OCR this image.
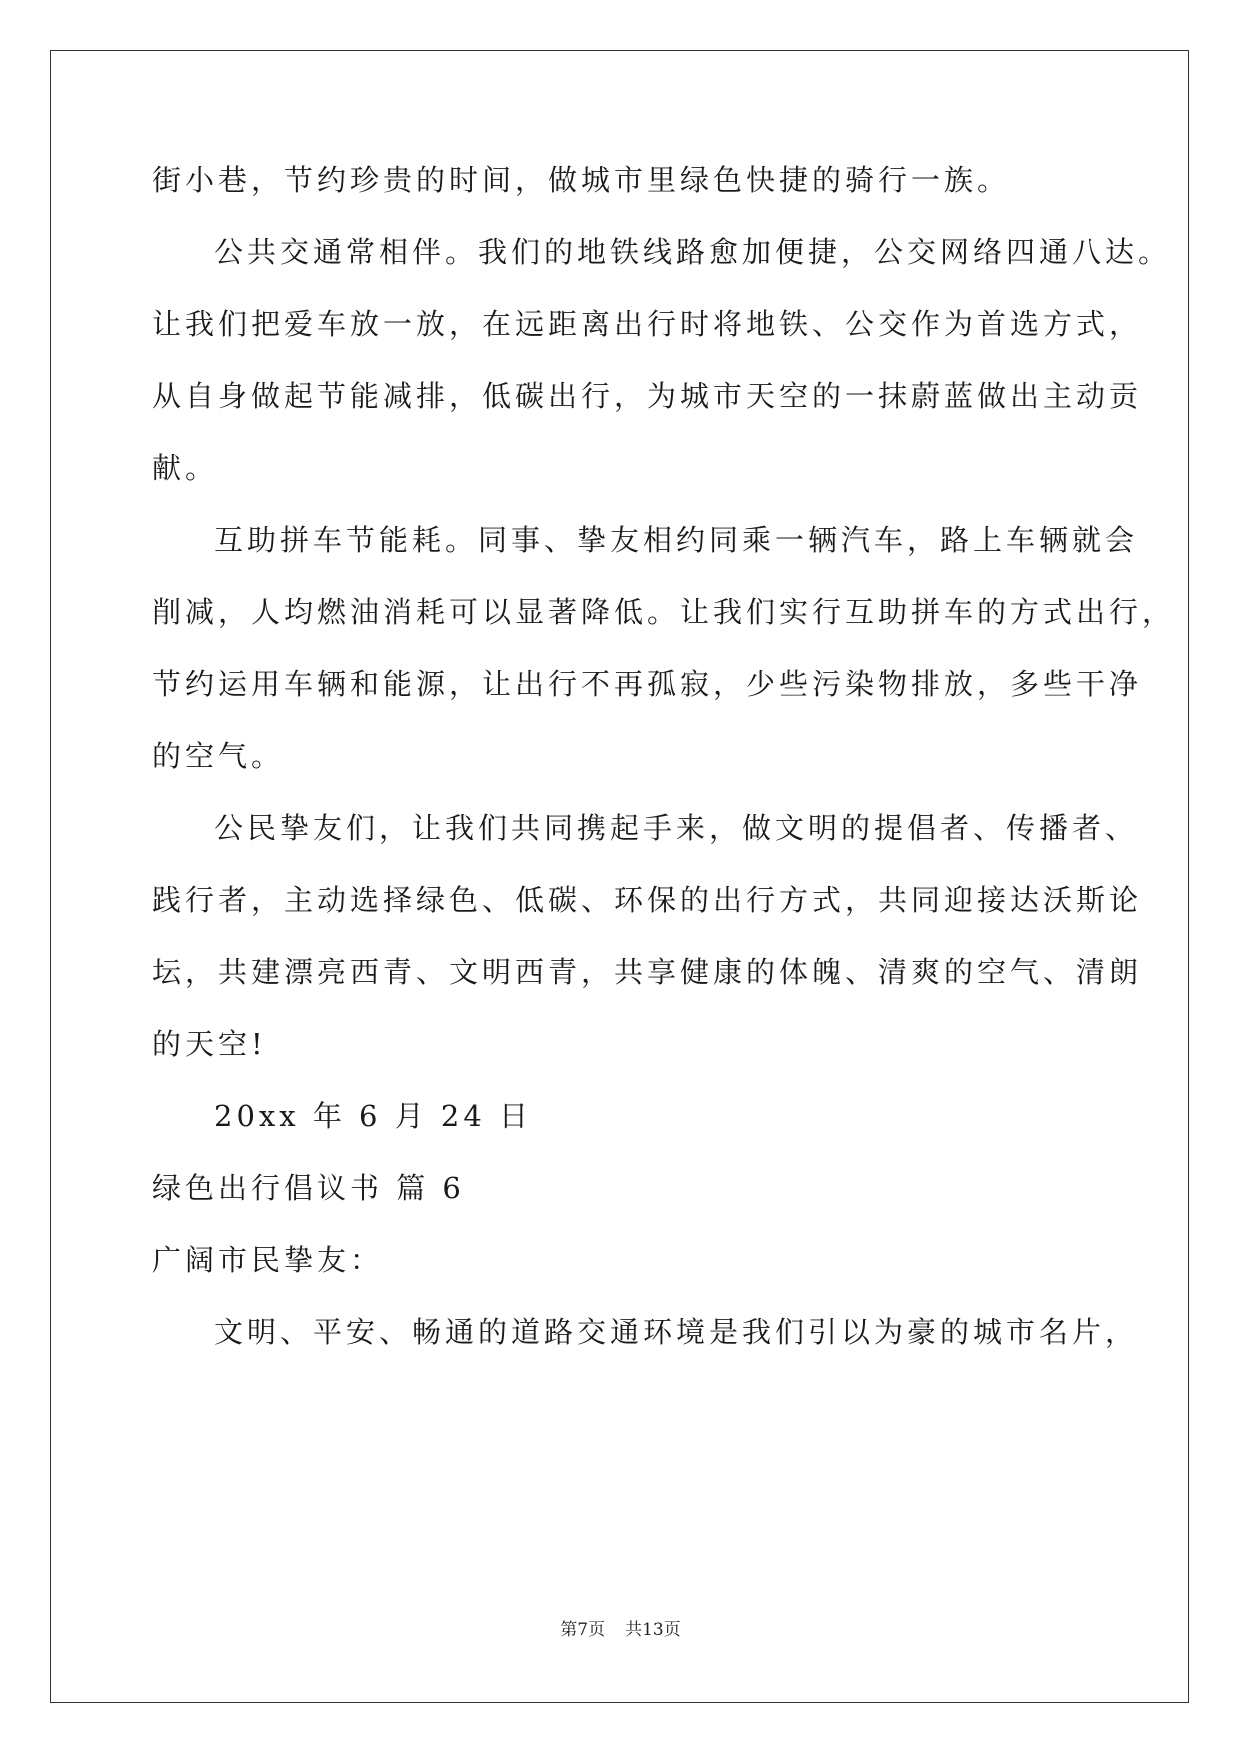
街小巷，节约珍贵的时间，做城市里绿色快捷的骑行一族。
公共交通常相伴。我们的地铁线路愈加便捷，公交网络四通八达。
让我们把爱车放一放，在远距离出行时将地铁、公交作为首选方式，
从自身做起节能减排，低碳出行，为城市天空的一抹蔚蓝做出主动贡
献。
互助拼车节能耗。同事、挚友相约同乘一辆汽车，路上车辆就会
削减，人均燃油消耗可以显著降低。让我们实行互助拼车的方式出行，
节约运用车辆和能源，让出行不再孤寂，少些污染物排放，多些干净
的空气。
公民挚友们，让我们共同携起手来，做文明的提倡者、传播者、
践行者，主动选择绿色、低碳、环保的出行方式，共同迎接达沃斯论
坛，共建漂亮西青、文明西青，共享健康的体魄、清爽的空气、清朗
的天空!
20xx 年 6 月 24 日
绿色出行倡议书 篇 6
广阔市民挚友：
文明、平安、畅通的道路交通环境是我们引以为豪的城市名片，
第7页 共13页
